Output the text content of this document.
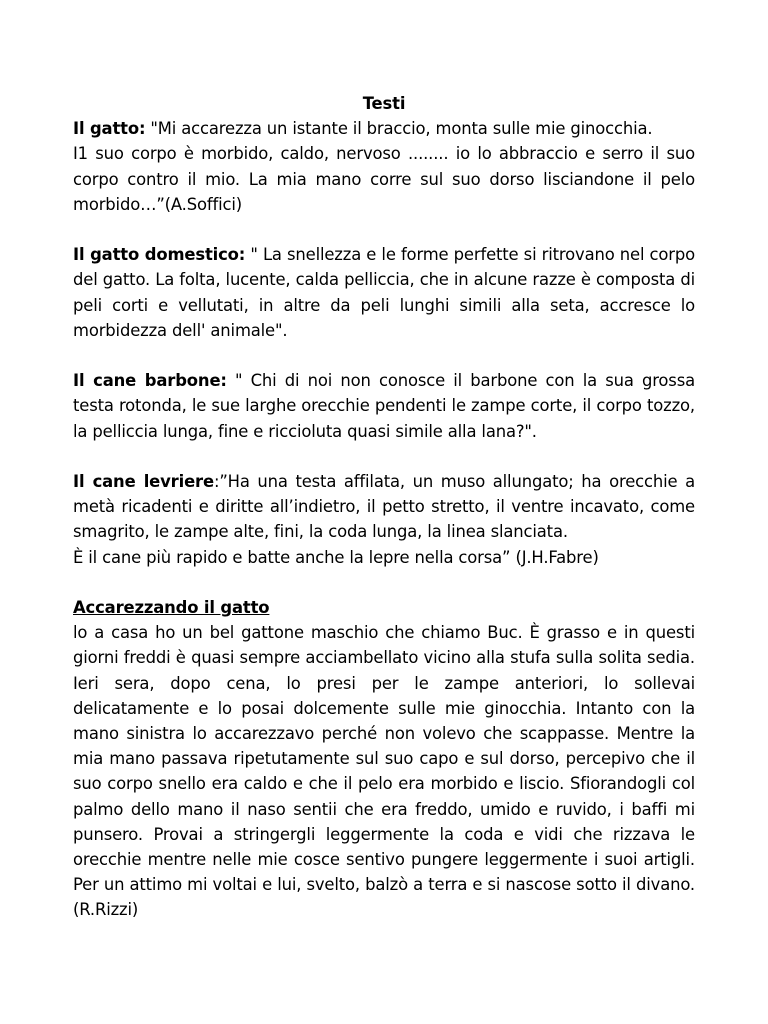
Testi

Il gatto: "Mi accarezza un istante il braccio, monta sulle mie ginocchia.

I1 suo corpo è morbido, caldo, nervoso ........ io lo abbraccio e serro il suo corpo contro il mio. La mia mano corre sul suo dorso lisciandone il pelo morbido…”(A.Soffici)

Il gatto domestico: " La snellezza e le forme perfette si ritrovano nel corpo del gatto. La folta, lucente, calda pelliccia, che in alcune razze è composta di peli corti e vellutati, in altre da peli lunghi simili alla seta, accresce lo morbidezza dell' animale".

Il cane barbone: " Chi di noi non conosce il barbone con la sua grossa testa rotonda, le sue larghe orecchie pendenti le zampe corte, il corpo tozzo, la pelliccia lunga, fine e riccioluta quasi simile alla lana?".

Il cane levriere:”Ha una testa affilata, un muso allungato; ha orecchie a metà ricadenti e diritte all’indietro, il petto stretto, il ventre incavato, come smagrito, le zampe alte, fini, la coda lunga, la linea slanciata.

È il cane più rapido e batte anche la lepre nella corsa” (J.H.Fabre)

Accarezzando il gatto

lo a casa ho un bel gattone maschio che chiamo Buc. È grasso e in questi giorni freddi è quasi sempre acciambellato vicino alla stufa sulla solita sedia. Ieri sera, dopo cena, lo presi per le zampe anteriori, lo sollevai delicatamente e lo posai dolcemente sulle mie ginocchia. Intanto con la mano sinistra lo accarezzavo perché non volevo che scappasse. Mentre la mia mano passava ripetutamente sul suo capo e sul dorso, percepivo che il suo corpo snello era caldo e che il pelo era morbido e liscio. Sfiorandogli col palmo dello mano il naso sentii che era freddo, umido e ruvido, i baffi mi punsero. Provai a stringergli leggermente la coda e vidi che rizzava le orecchie mentre nelle mie cosce sentivo pungere leggermente i suoi artigli. Per un attimo mi voltai e lui, svelto, balzò a terra e si nascose sotto il divano. (R.Rizzi)
